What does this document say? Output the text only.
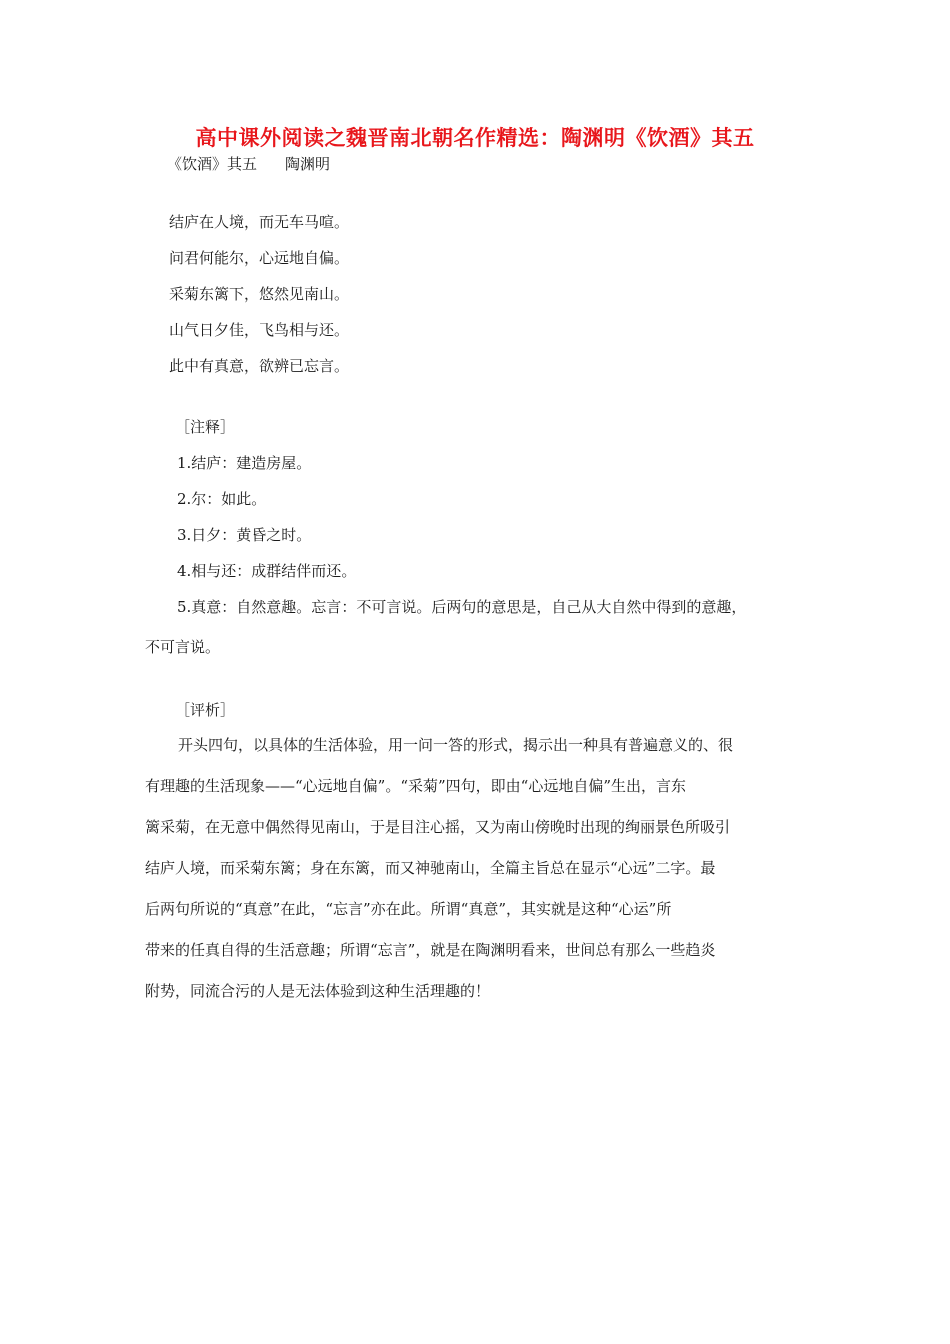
高中课外阅读之魏晋南北朝名作精选：陶渊明《饮酒》其五
《饮酒》其五 陶渊明
结庐在人境，而无车马喧。
问君何能尔，心远地自偏。
采菊东篱下，悠然见南山。
山气日夕佳，飞鸟相与还。
此中有真意，欲辨已忘言。
［注释］
1.结庐：建造房屋。
2.尔：如此。
3.日夕：黄昏之时。
4.相与还：成群结伴而还。
5.真意：自然意趣。忘言：不可言说。后两句的意思是，自己从大自然中得到的意趣，
不可言说。
［评析］
开头四句，以具体的生活体验，用一问一答的形式，揭示出一种具有普遍意义的、很
有理趣的生活现象——“心远地自偏”。“采菊”四句，即由“心远地自偏”生出，言东
篱采菊，在无意中偶然得见南山，于是目注心摇，又为南山傍晚时出现的绚丽景色所吸引
结庐人境，而采菊东篱；身在东篱，而又神驰南山，全篇主旨总在显示“心远”二字。最
后两句所说的“真意”在此，“忘言”亦在此。所谓“真意”，其实就是这种“心运”所
带来的任真自得的生活意趣；所谓“忘言”，就是在陶渊明看来，世间总有那么一些趋炎
附势，同流合污的人是无法体验到这种生活理趣的！
